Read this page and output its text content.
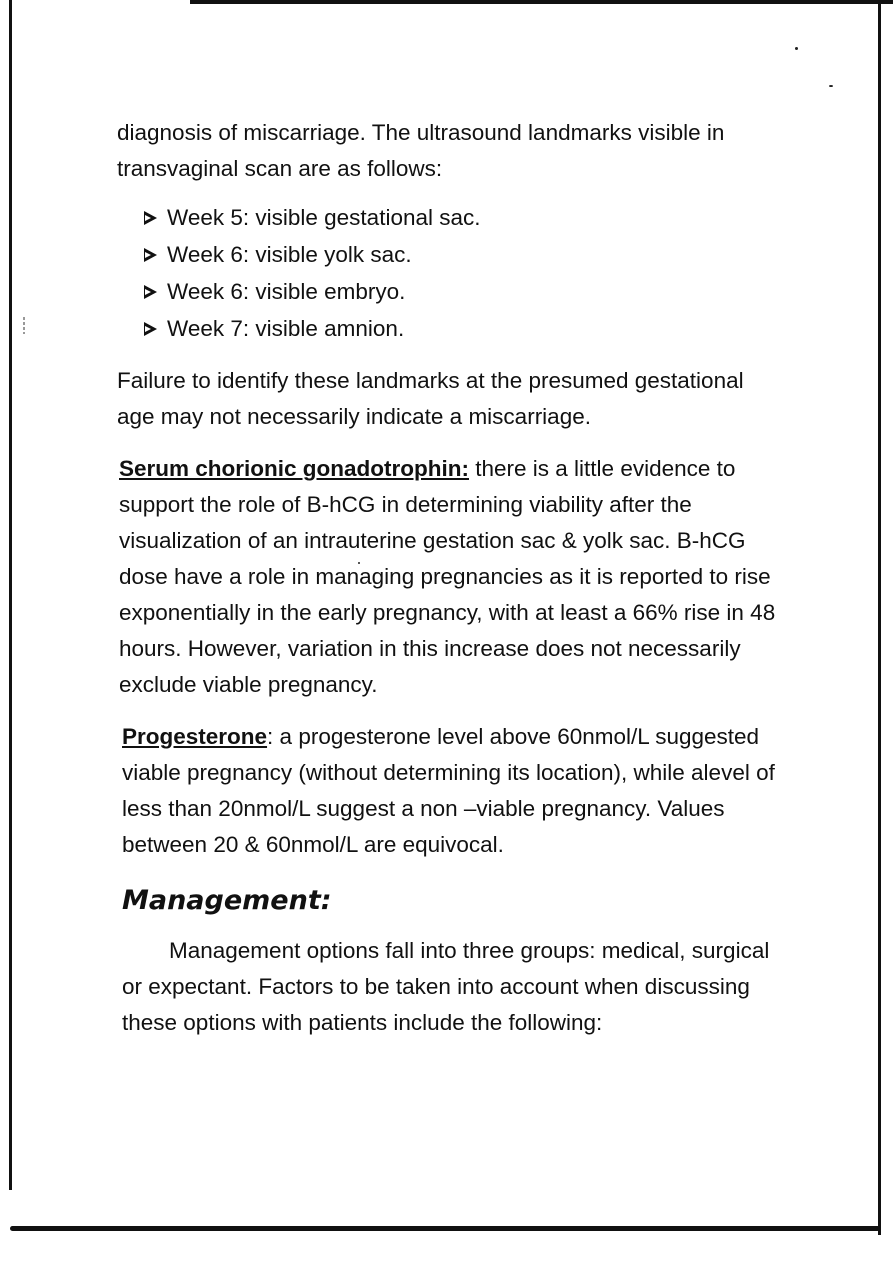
diagnosis of miscarriage. The ultrasound landmarks visible in transvaginal scan are as follows:

Week 5: visible gestational sac.
Week 6: visible yolk sac.
Week 6: visible embryo.
Week 7: visible amnion.

Failure to identify these landmarks at the presumed gestational age may not necessarily indicate a miscarriage.

Serum chorionic gonadotrophin: there is a little evidence to support the role of B-hCG in determining viability after the visualization of an intrauterine gestation sac & yolk sac. B-hCG dose have a role in managing pregnancies as it is reported to rise exponentially in the early pregnancy, with at least a 66% rise in 48 hours. However, variation in this increase does not necessarily exclude viable pregnancy.

Progesterone: a progesterone level above 60nmol/L suggested viable pregnancy (without determining its location), while alevel of less than 20nmol/L suggest a non –viable pregnancy. Values between 20 & 60nmol/L are equivocal.

Management:

Management options fall into three groups: medical, surgical or expectant. Factors to be taken into account when discussing these options with patients include the following:
